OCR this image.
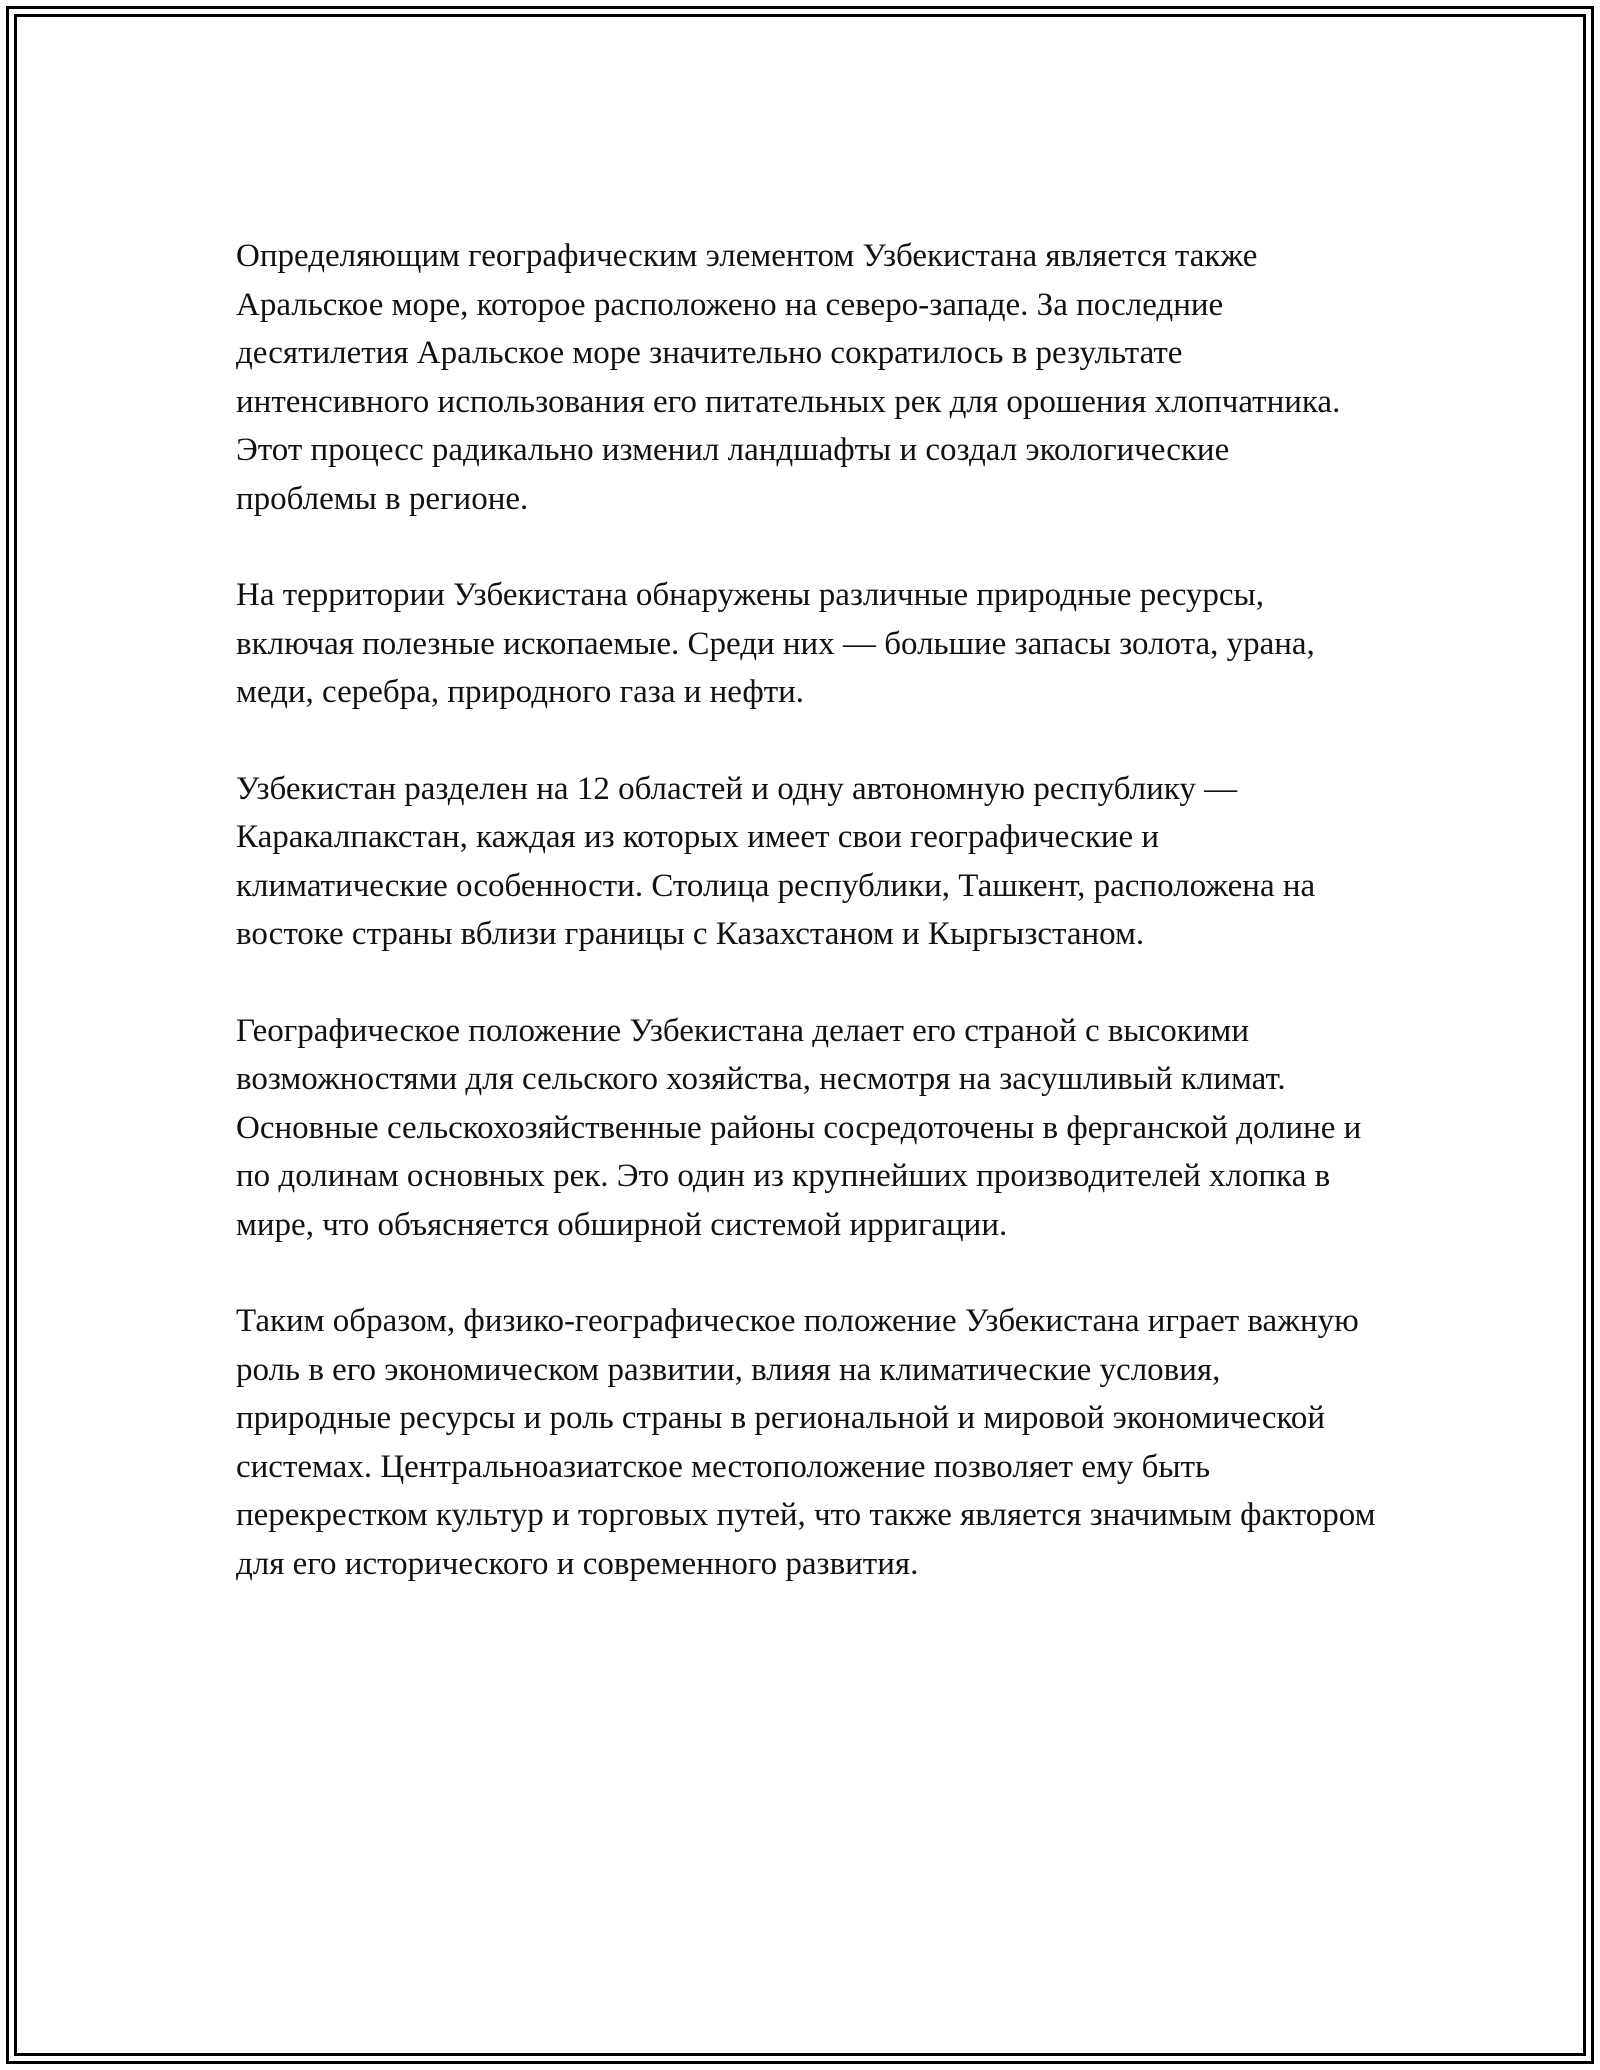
Определяющим географическим элементом Узбекистана является также Аральское море, которое расположено на северо-западе. За последние десятилетия Аральское море значительно сократилось в результате интенсивного использования его питательных рек для орошения хлопчатника. Этот процесс радикально изменил ландшафты и создал экологические проблемы в регионе.

На территории Узбекистана обнаружены различные природные ресурсы, включая полезные ископаемые. Среди них — большие запасы золота, урана, меди, серебра, природного газа и нефти.

Узбекистан разделен на 12 областей и одну автономную республику — Каракалпакстан, каждая из которых имеет свои географические и климатические особенности. Столица республики, Ташкент, расположена на востоке страны вблизи границы с Казахстаном и Кыргызстаном.

Географическое положение Узбекистана делает его страной с высокими возможностями для сельского хозяйства, несмотря на засушливый климат. Основные сельскохозяйственные районы сосредоточены в ферганской долине и по долинам основных рек. Это один из крупнейших производителей хлопка в мире, что объясняется обширной системой ирригации.

Таким образом, физико-географическое положение Узбекистана играет важную роль в его экономическом развитии, влияя на климатические условия, природные ресурсы и роль страны в региональной и мировой экономической системах. Центральноазиатское местоположение позволяет ему быть перекрестком культур и торговых путей, что также является значимым фактором для его исторического и современного развития.
